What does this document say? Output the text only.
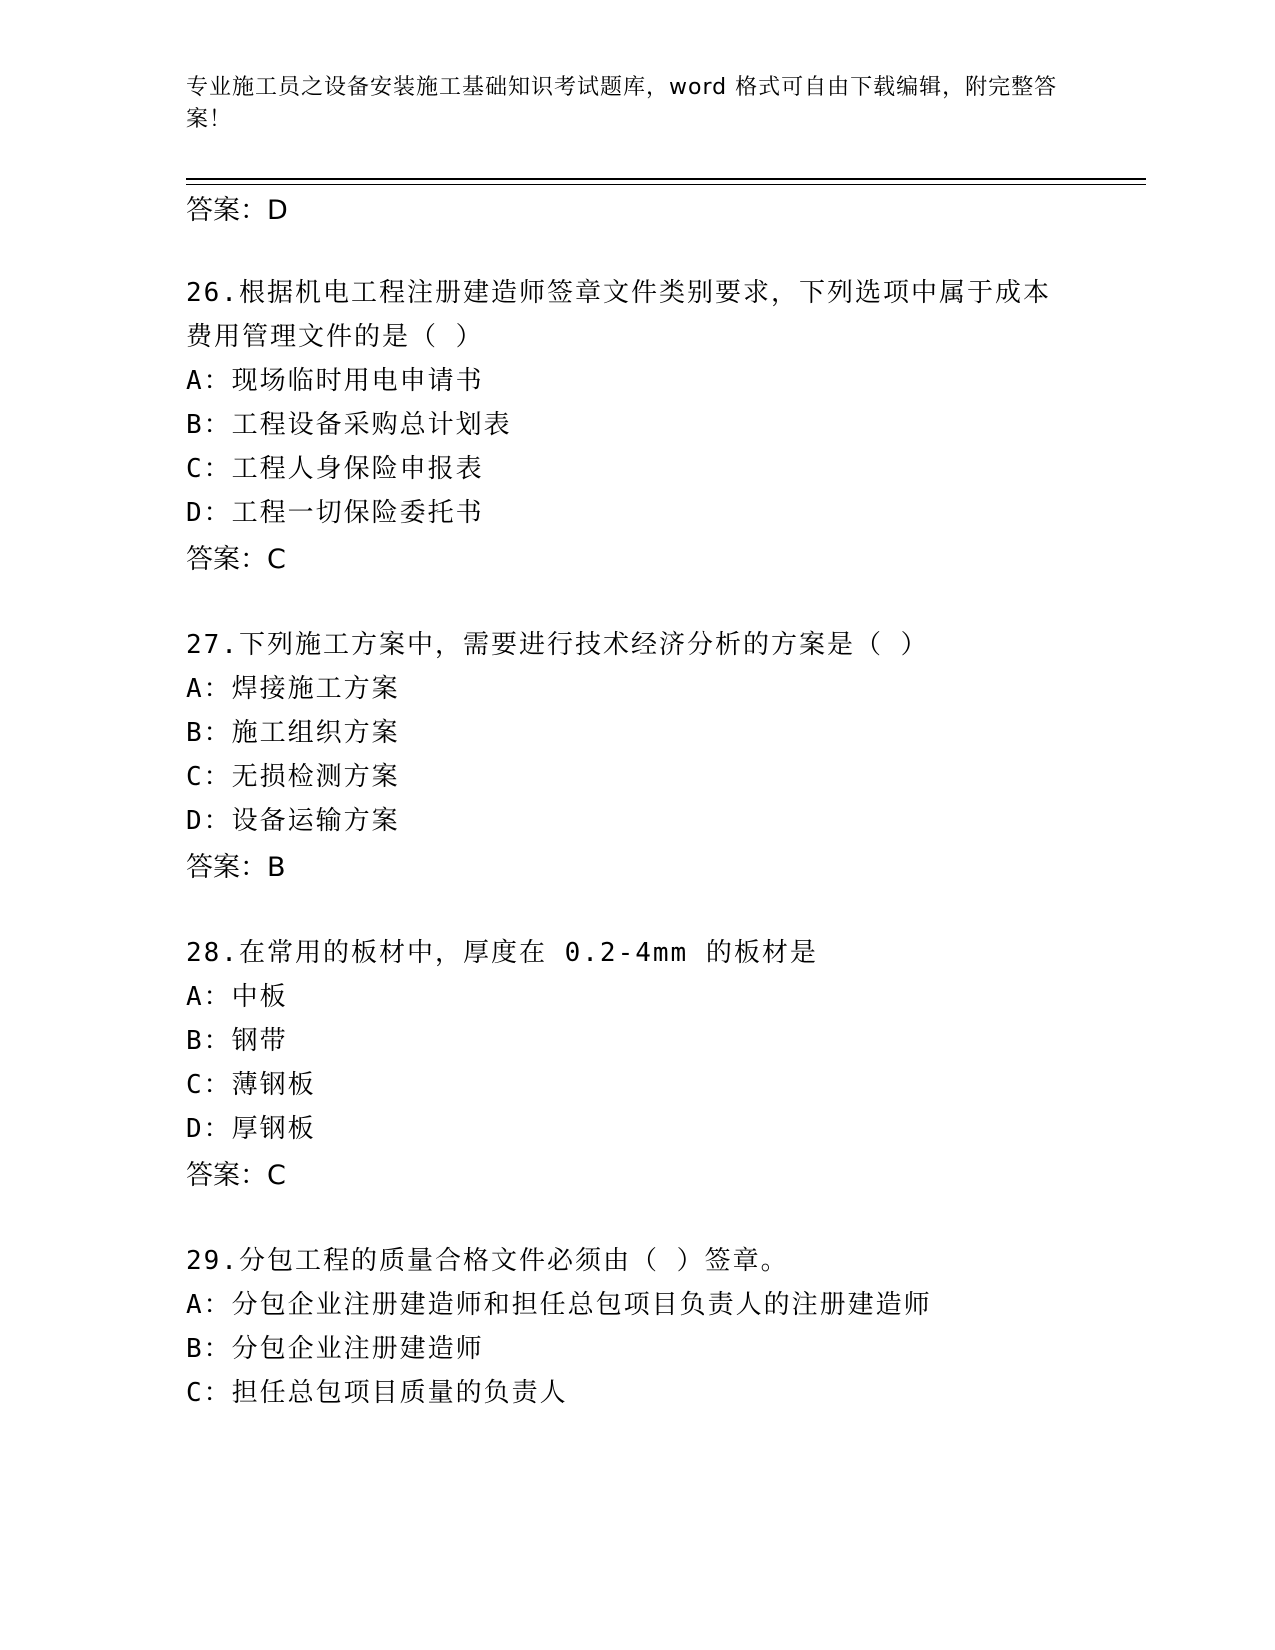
专业施工员之设备安装施工基础知识考试题库，word 格式可自由下载编辑，附完整答案！
答案：D
26.根据机电工程注册建造师签章文件类别要求，下列选项中属于成本
费用管理文件的是（ ）
A：现场临时用电申请书
B：工程设备采购总计划表
C：工程人身保险申报表
D：工程一切保险委托书
答案：C
27.下列施工方案中，需要进行技术经济分析的方案是（ ）
A：焊接施工方案
B：施工组织方案
C：无损检测方案
D：设备运输方案
答案：B
28.在常用的板材中，厚度在 0.2-4mm 的板材是
A：中板
B：钢带
C：薄钢板
D：厚钢板
答案：C
29.分包工程的质量合格文件必须由（ ）签章。
A：分包企业注册建造师和担任总包项目负责人的注册建造师
B：分包企业注册建造师
C：担任总包项目质量的负责人
